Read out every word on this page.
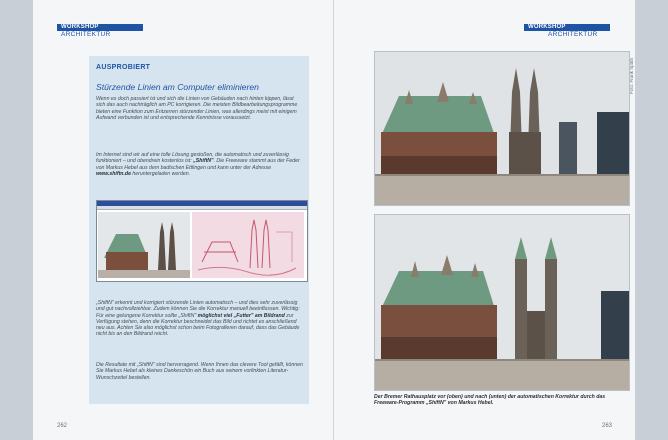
WORKSHOP
ARCHITEKTUR
AUSPROBIERT
Stürzende Linien am Computer eliminieren

Wenn es doch passiert ist und sich die Linien von Gebäuden nach hinten kippen, lässt sich das auch nachträglich am PC korrigieren. Die meisten Bildbearbeitungsprogramme bieten eine Funktion zum Entzerren stürzender Linien, was allerdings meist mit einigem Aufwand verbunden ist und entsprechende Kenntnisse voraussetzt.

Im Internet sind wir auf eine tolle Lösung gestoßen, die automatisch und zuverlässig funktioniert – und obendrein kostenlos ist: „ShiftN". Die Freeware stammt aus der Feder von Markus Hebel aus dem badischen Ettlingen und kann unter der Adresse www.shiftn.de heruntergeladen werden.

„ShiftN" erkennt und korrigiert stürzende Linien automatisch – und dies sehr zuverlässig und gut nachvollziehbar. Zudem können Sie die Korrektur manuell beeinflussen. Wichtig: Für eine gelungene Korrektur sollte „ShiftN" möglichst viel „Futter" am Bildrand zur Verfügung stehen, denn die Korrektur beschneidet das Bild und richtet es anschließend neu aus. Achten Sie also möglichst schon beim Fotografieren darauf, dass das Gebäude nicht bis an den Bildrand reicht.

Die Resultate mit „ShiftN" sind hervorragend. Wenn Ihnen das clevere Tool gefällt, können Sie Markus Hebel als kleines Dankeschön ein Buch aus seinem vorlinkten Literatur-Wunschzettel bestellen.

262
WORKSHOP
ARCHITEKTUR
Foto: Frank Späth

Der Bremer Rathausplatz vor (oben) und nach (unten) der automatischen Korrektur durch das Freeware-Programm „ShiftN" von Markus Hebel.

263
